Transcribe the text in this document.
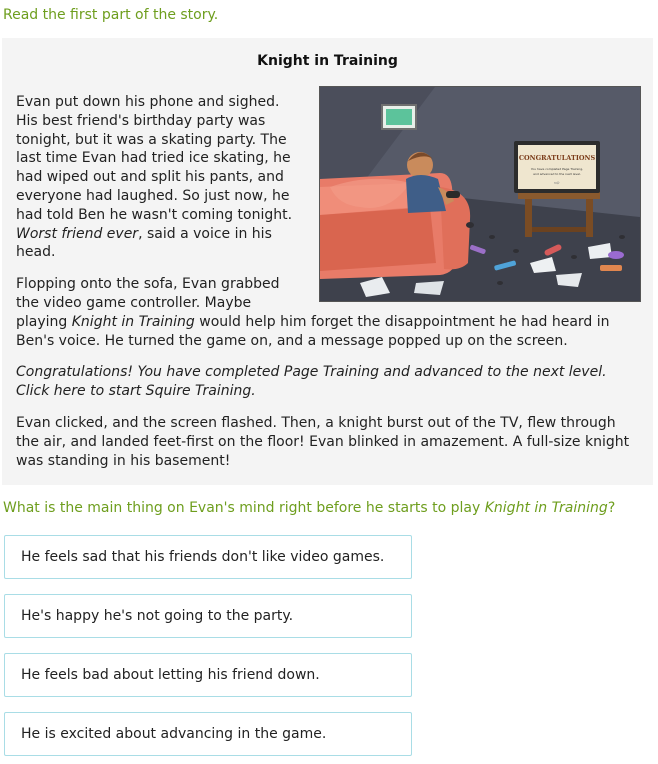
Read the first part of the story.
Knight in Training
CONGRATULATIONS
You have completed Page Training,
and advanced to the next level.
⇨

Evan put down his phone and sighed. His best friend's birthday party was tonight, but it was a skating party. The last time Evan had tried ice skating, he had wiped out and split his pants, and everyone had laughed. So just now, he had told Ben he wasn't coming tonight. Worst friend ever, said a voice in his head.

Flopping onto the sofa, Evan grabbed the video game controller. Maybe playing Knight in Training would help him forget the disappointment he had heard in Ben's voice. He turned the game on, and a message popped up on the screen.

Congratulations! You have completed Page Training and advanced to the next level. Click here to start Squire Training.

Evan clicked, and the screen flashed. Then, a knight burst out of the TV, flew through the air, and landed feet-first on the floor! Evan blinked in amazement. A full-size knight was standing in his basement!

What is the main thing on Evan's mind right before he starts to play Knight in Training?
He feels sad that his friends don't like video games.
He's happy he's not going to the party.
He feels bad about letting his friend down.
He is excited about advancing in the game.
